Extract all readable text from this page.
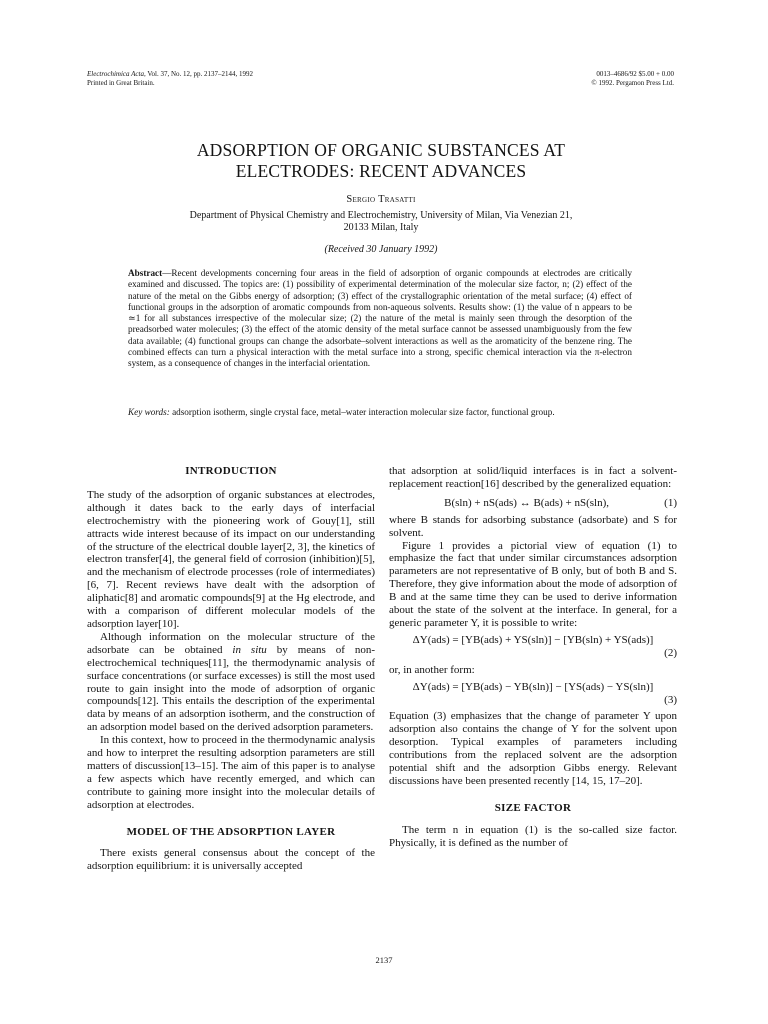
Electrochimica Acta, Vol. 37, No. 12, pp. 2137–2144, 1992
Printed in Great Britain.
0013–4686/92 $5.00 + 0.00
© 1992. Pergamon Press Ltd.
ADSORPTION OF ORGANIC SUBSTANCES AT
ELECTRODES: RECENT ADVANCES
Sergio Trasatti
Department of Physical Chemistry and Electrochemistry, University of Milan, Via Venezian 21,
20133 Milan, Italy
(Received 30 January 1992)
Abstract—Recent developments concerning four areas in the field of adsorption of organic compounds at electrodes are critically examined and discussed. The topics are: (1) possibility of experimental determination of the molecular size factor, n; (2) effect of the nature of the metal on the Gibbs energy of adsorption; (3) effect of the crystallographic orientation of the metal surface; (4) effect of functional groups in the adsorption of aromatic compounds from non-aqueous solvents. Results show: (1) the value of n appears to be ≃1 for all substances irrespective of the molecular size; (2) the nature of the metal is mainly seen through the desorption of the preadsorbed water molecules; (3) the effect of the atomic density of the metal surface cannot be assessed unambiguously from the few data available; (4) functional groups can change the adsorbate–solvent interactions as well as the aromaticity of the benzene ring. The combined effects can turn a physical interaction with the metal surface into a strong, specific chemical interaction via the π-electron system, as a consequence of changes in the interfacial orientation.
Key words: adsorption isotherm, single crystal face, metal–water interaction molecular size factor, functional group.
INTRODUCTION

The study of the adsorption of organic substances at electrodes, although it dates back to the early days of interfacial electrochemistry with the pioneering work of Gouy[1], still attracts wide interest because of its impact on our understanding of the structure of the electrical double layer[2, 3], the kinetics of electron transfer[4], the general field of corrosion (inhibition)[5], and the mechanism of electrode processes (role of intermediates)[6, 7]. Recent reviews have dealt with the adsorption of aliphatic[8] and aromatic compounds[9] at the Hg electrode, and with a comparison of different molecular models of the adsorption layer[10].

Although information on the molecular structure of the adsorbate can be obtained in situ by means of non-electrochemical techniques[11], the thermodynamic analysis of surface concentrations (or surface excesses) is still the most used route to gain insight into the mode of adsorption of organic compounds[12]. This entails the description of the experimental data by means of an adsorption isotherm, and the construction of an adsorption model based on the derived adsorption parameters.

In this context, how to proceed in the thermodynamic analysis and how to interpret the resulting adsorption parameters are still matters of discussion[13–15]. The aim of this paper is to analyse a few aspects which have recently emerged, and which can contribute to gaining more insight into the molecular details of adsorption at electrodes.

MODEL OF THE ADSORPTION LAYER

There exists general consensus about the concept of the adsorption equilibrium: it is universally accepted

that adsorption at solid/liquid interfaces is in fact a solvent-replacement reaction[16] described by the generalized equation:

B(sln) + nS(ads) ↔ B(ads) + nS(sln),	(1)

where B stands for adsorbing substance (adsorbate) and S for solvent.

Figure 1 provides a pictorial view of equation (1) to emphasize the fact that under similar circumstances adsorption parameters are not representative of B only, but of both B and S. Therefore, they give information about the mode of adsorption of B and at the same time they can be used to derive information about the state of the solvent at the interface. In general, for a generic parameter Y, it is possible to write:

ΔY(ads) = [YB(ads) + YS(sln)] − [YB(sln) + YS(ads)]
(2)

or, in another form:

ΔY(ads) = [YB(ads) − YB(sln)] − [YS(ads) − YS(sln)]
(3)

Equation (3) emphasizes that the change of parameter Y upon adsorption also contains the change of Y for the solvent upon desorption. Typical examples of parameters including contributions from the replaced solvent are the adsorption potential shift and the adsorption Gibbs energy. Relevant discussions have been presented recently [14, 15, 17–20].

SIZE FACTOR

The term n in equation (1) is the so-called size factor. Physically, it is defined as the number of

2137
